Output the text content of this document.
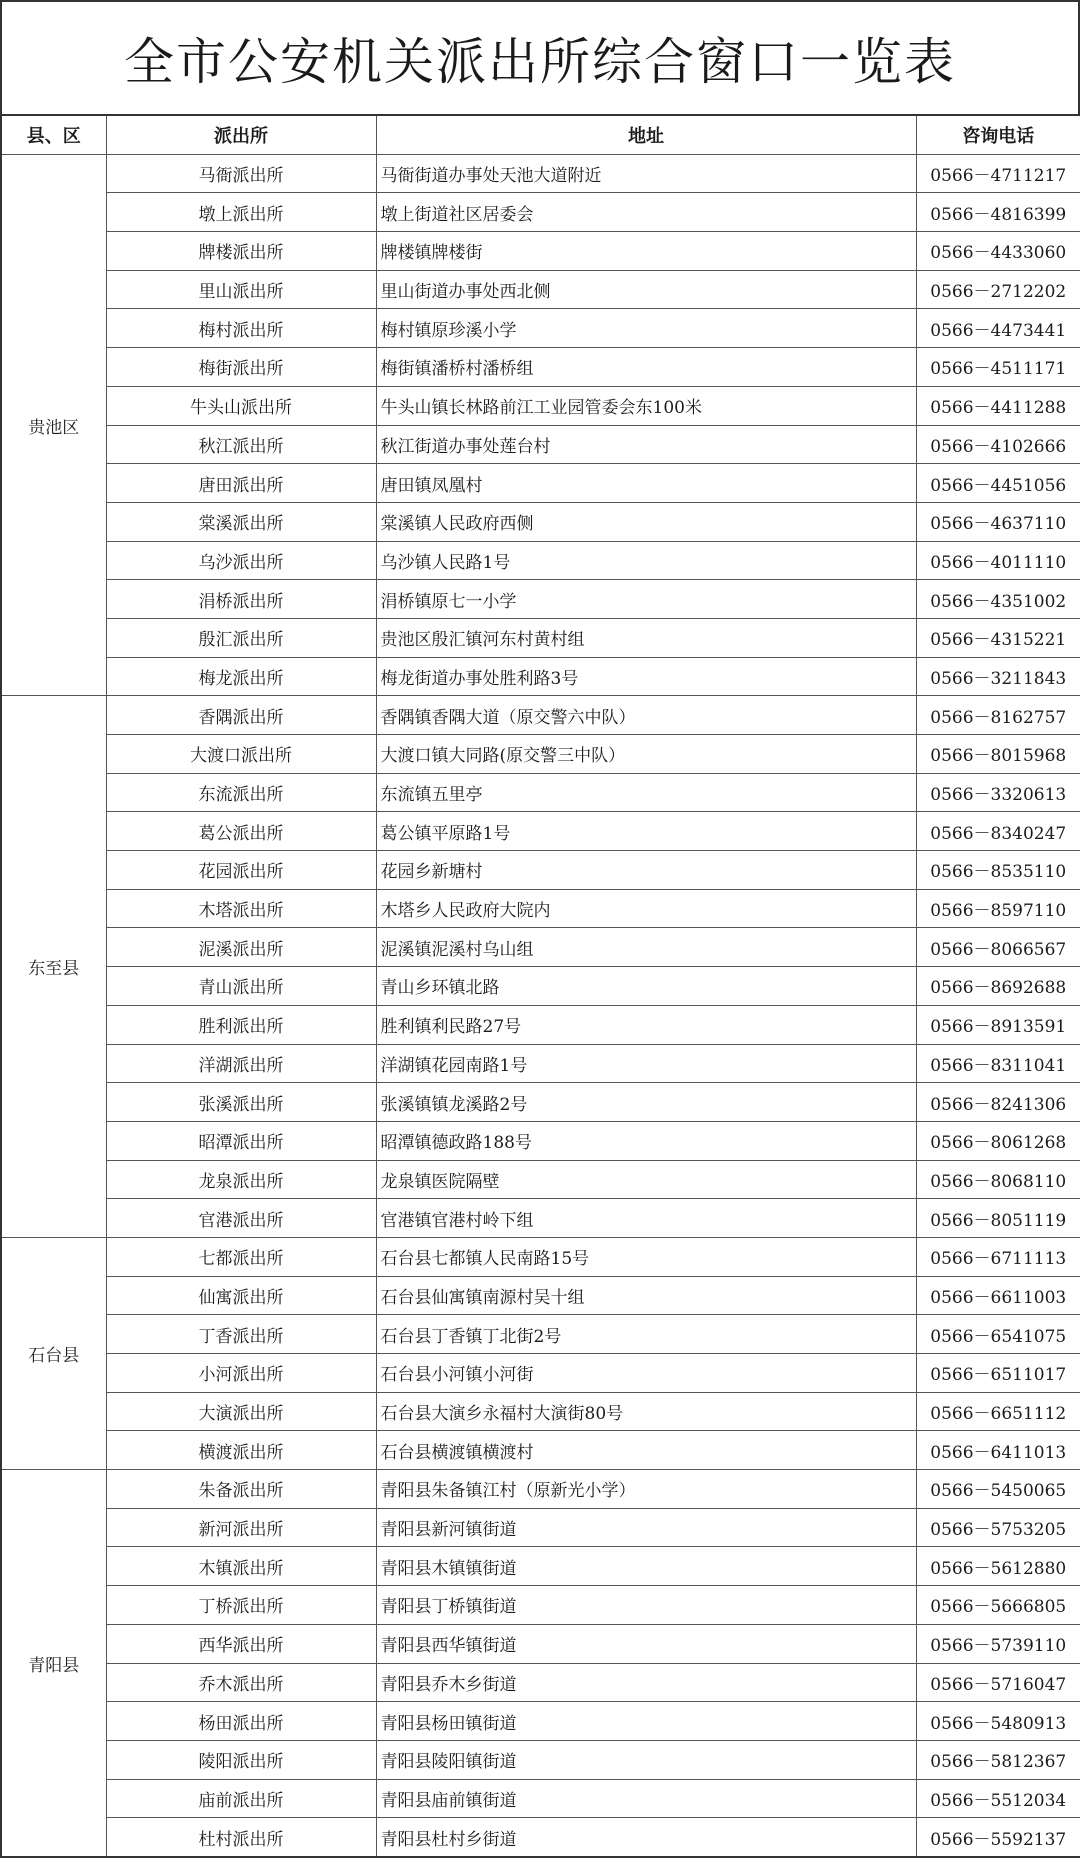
全市公安机关派出所综合窗口一览表
县、区	派出所	地址	咨询电话
贵池区	马衙派出所	马衙街道办事处天池大道附近	0566－4711217
	墩上派出所	墩上街道社区居委会	0566－4816399
	牌楼派出所	牌楼镇牌楼街	0566－4433060
	里山派出所	里山街道办事处西北侧	0566－2712202
	梅村派出所	梅村镇原珍溪小学	0566－4473441
	梅街派出所	梅街镇潘桥村潘桥组	0566－4511171
	牛头山派出所	牛头山镇长林路前江工业园管委会东100米	0566－4411288
	秋江派出所	秋江街道办事处莲台村	0566－4102666
	唐田派出所	唐田镇凤凰村	0566－4451056
	棠溪派出所	棠溪镇人民政府西侧	0566－4637110
	乌沙派出所	乌沙镇人民路1号	0566－4011110
	涓桥派出所	涓桥镇原七一小学	0566－4351002
	殷汇派出所	贵池区殷汇镇河东村黄村组	0566－4315221
	梅龙派出所	梅龙街道办事处胜利路3号	0566－3211843
东至县	香隅派出所	香隅镇香隅大道（原交警六中队）	0566－8162757
	大渡口派出所	大渡口镇大同路(原交警三中队）	0566－8015968
	东流派出所	东流镇五里亭	0566－3320613
	葛公派出所	葛公镇平原路1号	0566－8340247
	花园派出所	花园乡新塘村	0566－8535110
	木塔派出所	木塔乡人民政府大院内	0566－8597110
	泥溪派出所	泥溪镇泥溪村乌山组	0566－8066567
	青山派出所	青山乡环镇北路	0566－8692688
	胜利派出所	胜利镇利民路27号	0566－8913591
	洋湖派出所	洋湖镇花园南路1号	0566－8311041
	张溪派出所	张溪镇镇龙溪路2号	0566－8241306
	昭潭派出所	昭潭镇德政路188号	0566－8061268
	龙泉派出所	龙泉镇医院隔壁	0566－8068110
	官港派出所	官港镇官港村岭下组	0566－8051119
石台县	七都派出所	石台县七都镇人民南路15号	0566－6711113
	仙寓派出所	石台县仙寓镇南源村吴十组	0566－6611003
	丁香派出所	石台县丁香镇丁北街2号	0566－6541075
	小河派出所	石台县小河镇小河街	0566－6511017
	大演派出所	石台县大演乡永福村大演街80号	0566－6651112
	横渡派出所	石台县横渡镇横渡村	0566－6411013
青阳县	朱备派出所	青阳县朱备镇江村（原新光小学）	0566－5450065
	新河派出所	青阳县新河镇街道	0566－5753205
	木镇派出所	青阳县木镇镇街道	0566－5612880
	丁桥派出所	青阳县丁桥镇街道	0566－5666805
	西华派出所	青阳县西华镇街道	0566－5739110
	乔木派出所	青阳县乔木乡街道	0566－5716047
	杨田派出所	青阳县杨田镇街道	0566－5480913
	陵阳派出所	青阳县陵阳镇街道	0566－5812367
	庙前派出所	青阳县庙前镇街道	0566－5512034
	杜村派出所	青阳县杜村乡街道	0566－5592137
